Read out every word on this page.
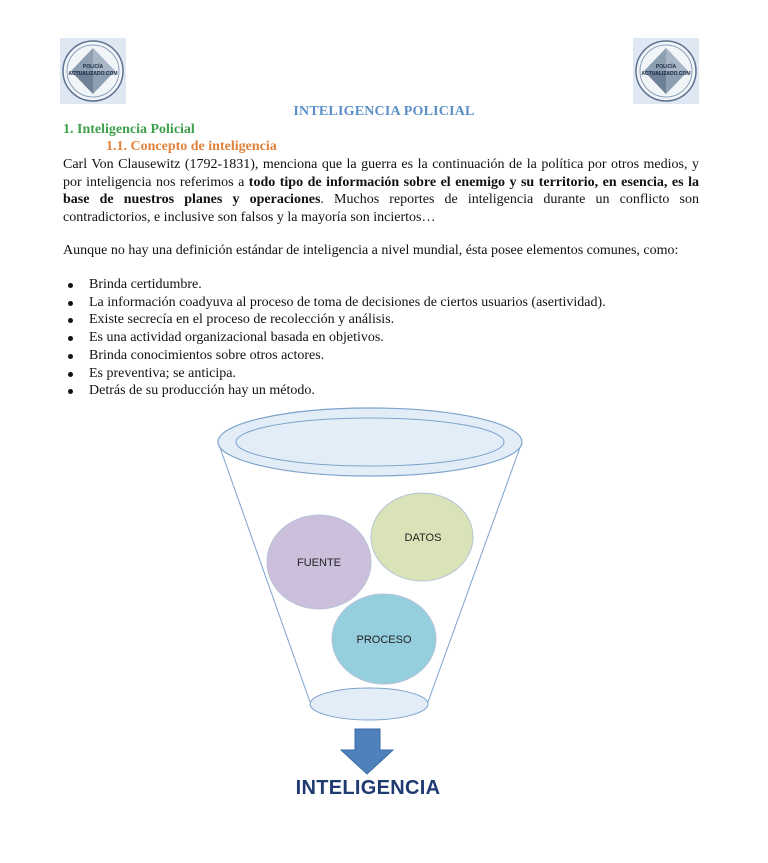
POLICÍA
ACTUALIZADO.COM
POLICÍA
ACTUALIZADO.COM
INTELIGENCIA POLICIAL
1. Inteligencia Policial
1.1. Concepto de inteligencia

Carl Von Clausewitz (1792-1831), menciona que la guerra es la continuación de la política por otros medios, y por inteligencia nos referimos a todo tipo de información sobre el enemigo y su territorio, en esencia, es la base de nuestros planes y operaciones. Muchos reportes de inteligencia durante un conflicto son contradictorios, e inclusive son falsos y la mayoría son inciertos…

Aunque no hay una definición estándar de inteligencia a nivel mundial, ésta posee elementos comunes, como:

Brinda certidumbre.
La información coadyuva al proceso de toma de decisiones de ciertos usuarios (asertividad).
Existe secrecía en el proceso de recolección y análisis.
Es una actividad organizacional basada en objetivos.
Brinda conocimientos sobre otros actores.
Es preventiva; se anticipa.
Detrás de su producción hay un método.
FUENTE
DATOS
PROCESO
INTELIGENCIA
